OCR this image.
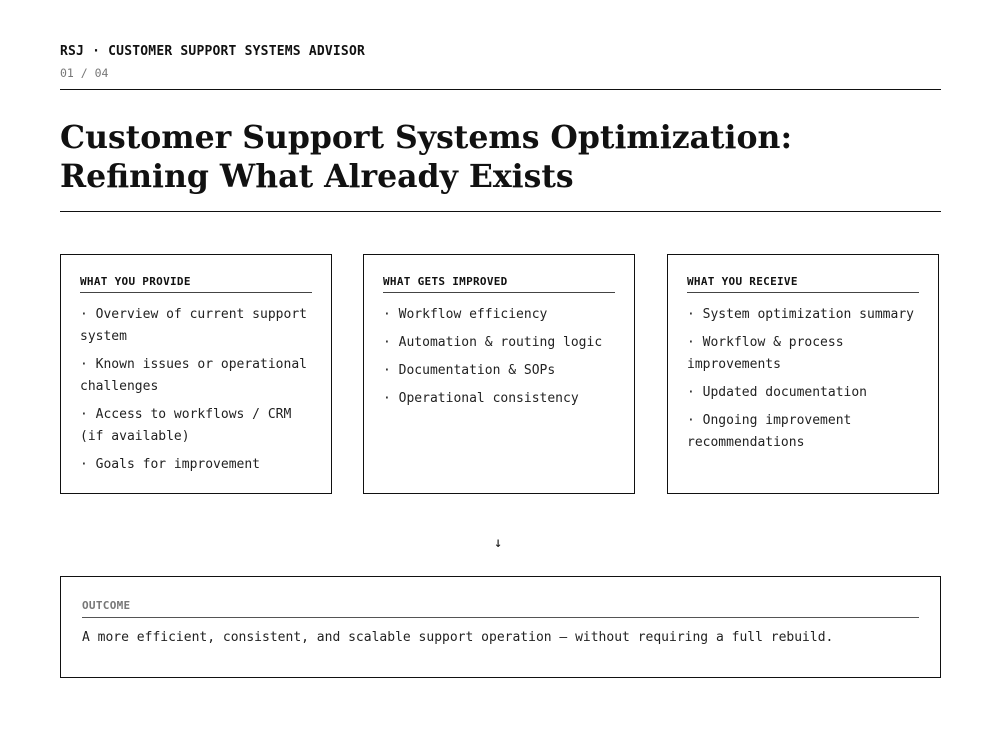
RSJ · CUSTOMER SUPPORT SYSTEMS ADVISOR
01 / 04
Customer Support Systems Optimization:
Refining What Already Exists
WHAT YOU PROVIDE
· Overview of current support system
· Known issues or operational challenges
· Access to workflows / CRM (if available)
· Goals for improvement
WHAT GETS IMPROVED
· Workflow efficiency
· Automation & routing logic
· Documentation & SOPs
· Operational consistency
WHAT YOU RECEIVE
· System optimization summary
· Workflow & process improvements
· Updated documentation
· Ongoing improvement recommendations
↓
OUTCOME
A more efficient, consistent, and scalable support operation — without requiring a full rebuild.
